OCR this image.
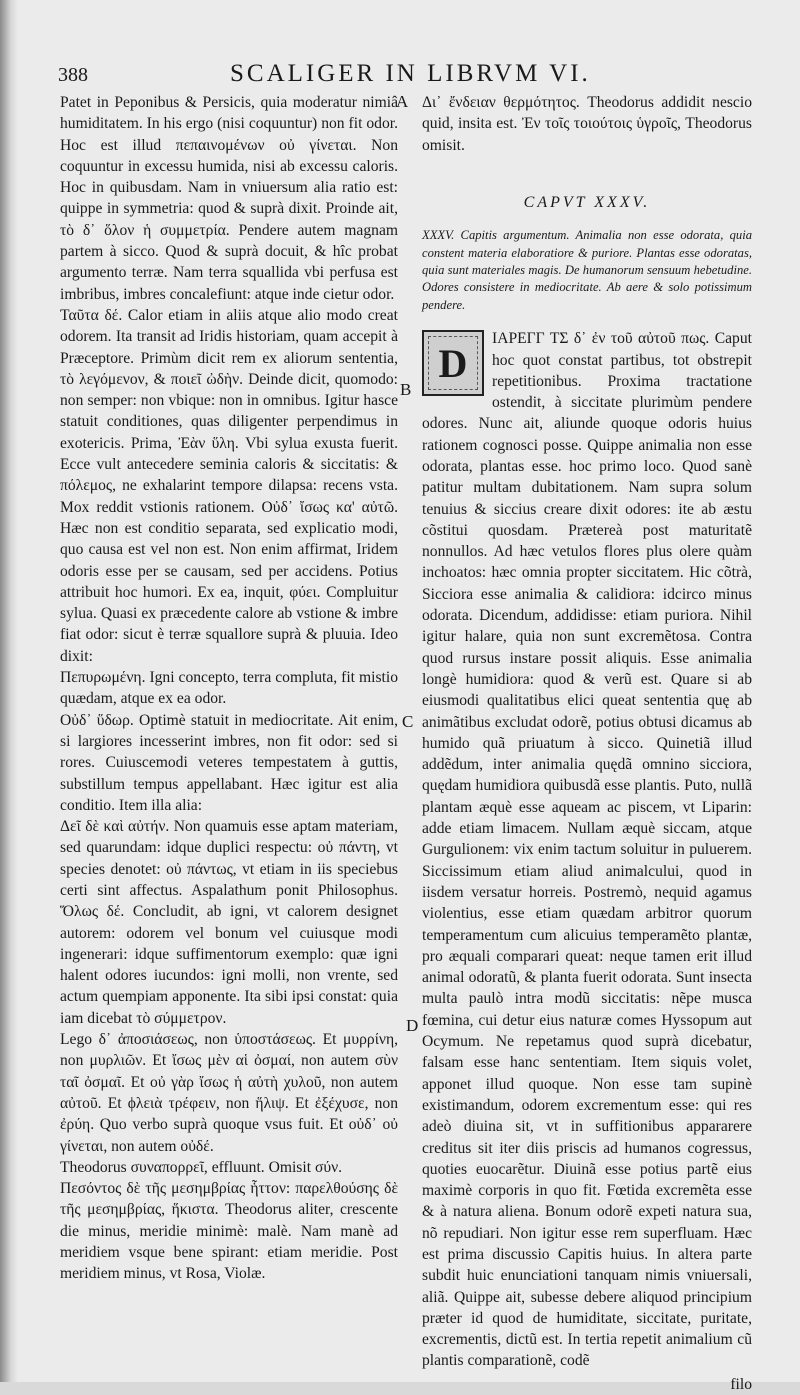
388	SCALIGER IN LIBRVM VI.
A
B
C
D

Patet in Peponibus & Persicis, quia moderatur nimiâ humiditatem. In his ergo (nisi coquuntur) non fit odor. Hoc est illud πεπαινομένων οὐ γίνεται. Non coquuntur in excessu humida, nisi ab excessu caloris. Hoc in quibusdam. Nam in vniuersum alia ratio est: quippe in symmetria: quod & suprà dixit. Proinde ait, τὸ δ᾽ ὅλον ἡ συμμετρία. Pendere autem magnam partem à sicco. Quod & suprà docuit, & hîc probat argumento terræ. Nam terra squallida vbi perfusa est imbribus, imbres concalefiunt: atque inde cietur odor.

Ταῦτα δέ. Calor etiam in aliis atque alio modo creat odorem. Ita transit ad Iridis historiam, quam accepit à Præceptore. Primùm dicit rem ex aliorum sententia, τὸ λεγόμενον, & ποιεῖ ὠδὴν. Deinde dicit, quomodo: non semper: non vbique: non in omnibus. Igitur hasce statuit conditiones, quas diligenter perpendimus in exotericis. Prima, Ἐὰν ὕλη. Vbi sylua exusta fuerit. Ecce vult antecedere seminia caloris & siccitatis: & πόλεμος, ne exhalarint tempore dilapsa: recens vsta. Mox reddit vstionis rationem. Οὐδ᾽ ἴσως κα' αὐτῶ. Hæc non est conditio separata, sed explicatio modi, quo causa est vel non est. Non enim affirmat, Iridem odoris esse per se causam, sed per accidens. Potius attribuit hoc humori. Ex ea, inquit, φύει. Compluitur sylua. Quasi ex præcedente calore ab vstione & imbre fiat odor: sicut è terræ squallore suprà & pluuia. Ideo dixit:

Πεπυρωμένη. Igni concepto, terra compluta, fit mistio quædam, atque ex ea odor.

Οὐδ᾽ ὕδωρ. Optimè statuit in mediocritate. Ait enim, si largiores incesserint imbres, non fit odor: sed si rores. Cuiuscemodi veteres tempestatem à guttis, substillum tempus appellabant. Hæc igitur est alia conditio. Item illa alia:

Δεῖ δὲ καὶ αὐτήν. Non quamuis esse aptam materiam, sed quarundam: idque duplici respectu: οὐ πάντη, vt species denotet: οὐ πάντως, vt etiam in iis speciebus certi sint affectus. Aspalathum ponit Philosophus. Ὅλως δέ. Concludit, ab igni, vt calorem designet autorem: odorem vel bonum vel cuiusque modi ingenerari: idque suffimentorum exemplo: quæ igni halent odores iucundos: igni molli, non vrente, sed actum quempiam apponente. Ita sibi ipsi constat: quia iam dicebat τὸ σύμμετρον.

Lego δ᾽ ἀποσιάσεως, non ὑποστάσεως. Et μυρρίνη, non μυρλιῶν. Et ἴσως μὲν αἱ ὀσμαί, non autem σὺν ταῖ ὀσμαῖ. Et οὐ γὰρ ἴσως ἡ αὐτὴ χυλοῦ, non autem αὐτοῦ. Et ϕλειὰ τρέφειν, non ἥλιψ. Et ἐξέχυσε, non ἐρύη. Quo verbo suprà quoque vsus fuit. Et οὐδ᾽ οὐ γίνεται, non autem οὐδέ.

Theodorus συναπορρεῖ, effluunt. Omisit σύν.

Πεσόντος δὲ τῆς μεσημβρίας ἧττον: παρελθούσης δὲ τῆς μεσημβρίας, ἥκιστα. Theodorus aliter, crescente die minus, meridie minimè: malè. Nam manè ad meridiem vsque bene spirant: etiam meridie. Post meridiem minus, vt Rosa, Violæ.

Δι᾽ ἔνδειαν θερμότητος. Theodorus addidit nescio quid, insita est. Ἐν τοῖς τοιούτοις ὑγροῖς, Theodorus omisit.

CAPVT XXXV.
XXXV. Capitis argumentum. Animalia non esse odorata, quia constent materia elaboratiore & puriore. Plantas esse odoratas, quia sunt materiales magis. De humanorum sensuum hebetudine. Odores consistere in mediocritate. Ab aere & solo potissimum pendere.
D

ΙΑΡΕΓΓ ΤΣ δ᾽ ἐν τοῦ αὐτοῦ πως. Caput hoc quot constat partibus, tot obstrepit repetitionibus. Proxima tractatione ostendit, à siccitate plurimùm pendere odores. Nunc ait, aliunde quoque odoris huius rationem cognosci posse. Quippe animalia non esse odorata, plantas esse. hoc primo loco. Quod sanè patitur multam dubitationem. Nam supra solum tenuius & siccius creare dixit odores: ite ab æstu cõstitui quosdam. Prætereà post maturitatẽ nonnullos. Ad hæc vetulos flores plus olere quàm inchoatos: hæc omnia propter siccitatem. Hic cõtrà, Sicciora esse animalia & calidiora: idcirco minus odorata. Dicendum, addidisse: etiam puriora. Nihil igitur halare, quia non sunt excremẽtosa. Contra quod rursus instare possit aliquis. Esse animalia longè humidiora: quod & verũ est. Quare si ab eiusmodi qualitatibus elici queat sententia quę ab animãtibus excludat odorẽ, potius obtusi dicamus ab humido quã priuatum à sicco. Quinetiã illud addẽdum, inter animalia quędã omnino sicciora, quędam humidiora quibusdã esse plantis. Puto, nullã plantam æquè esse aqueam ac piscem, vt Liparin: adde etiam limacem. Nullam æquè siccam, atque Gurgulionem: vix enim tactum soluitur in puluerem. Siccissimum etiam aliud animalcului, quod in iisdem versatur horreis. Postremò, nequid agamus violentius, esse etiam quædam arbitror quorum temperamentum cum alicuius temperamẽto plantæ, pro æquali comparari queat: neque tamen erit illud animal odoratũ, & planta fuerit odorata. Sunt insecta multa paulò intra modũ siccitatis: nẽpe musca fœmina, cui detur eius naturæ comes Hyssopum aut Ocymum. Ne repetamus quod suprà dicebatur, falsam esse hanc sententiam. Item siquis volet, apponet illud quoque. Non esse tam supinè existimandum, odorem excrementum esse: qui res adeò diuina sit, vt in suffitionibus appararere creditus sit iter diis priscis ad humanos cogressus, quoties euocarẽtur. Diuinã esse potius partẽ eius maximè corporis in quo fit. Fœtida excremẽta esse & à natura aliena. Bonum odorẽ expeti natura sua, nõ repudiari. Non igitur esse rem superfluam. Hæc est prima discussio Capitis huius. In altera parte subdit huic enunciationi tanquam nimis vniuersali, aliã. Quippe ait, subesse debere aliquod principium præter id quod de humiditate, siccitate, puritate, excrementis, dictũ est. In tertia repetit animalium cũ plantis comparationẽ, codẽ

filo
